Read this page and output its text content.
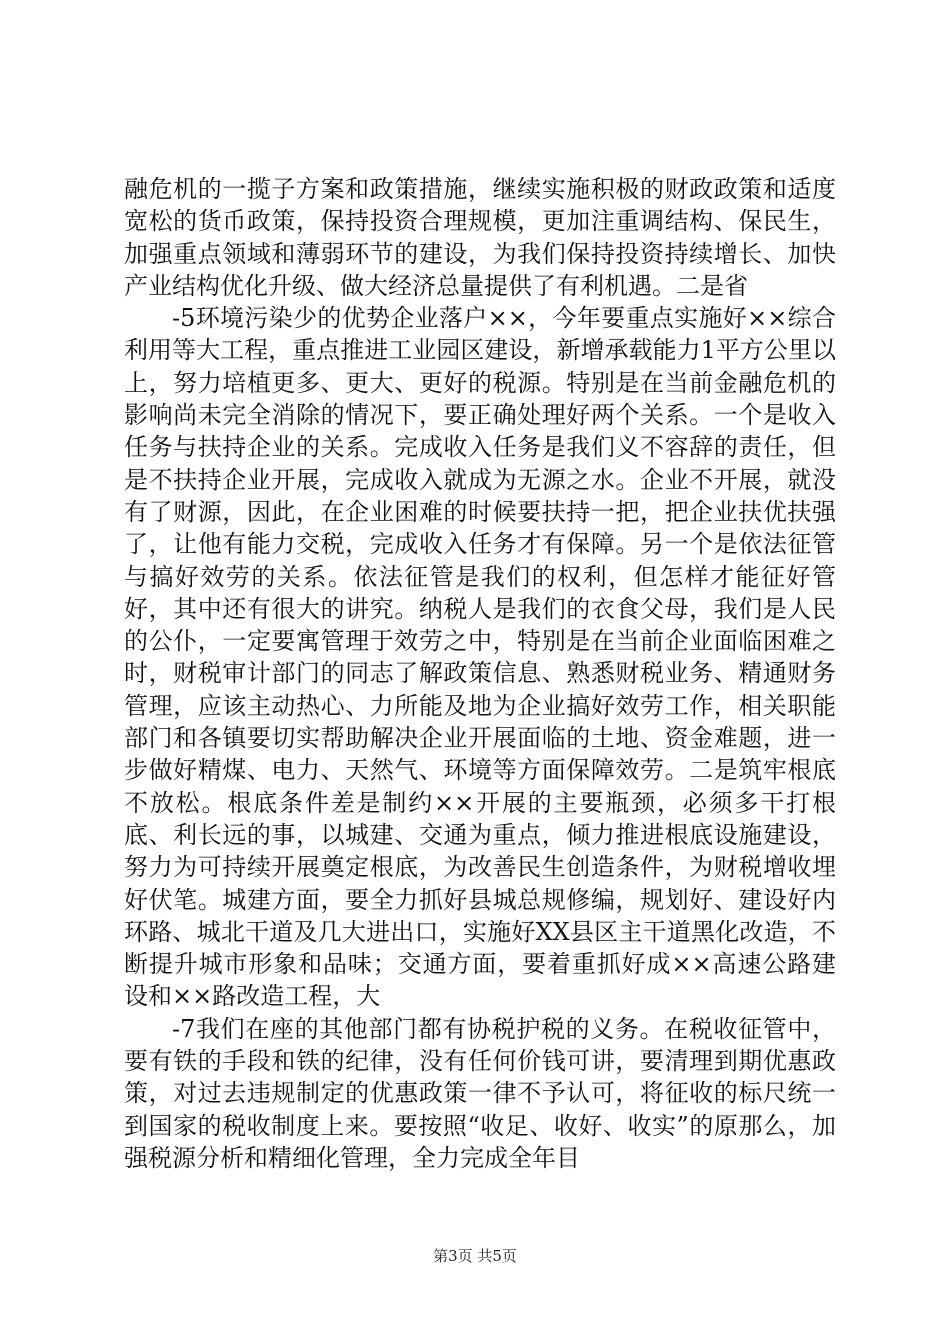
融危机的一揽子方案和政策措施，继续实施积极的财政政策和适度宽松的货币政策，保持投资合理规模，更加注重调结构、保民生，加强重点领域和薄弱环节的建设，为我们保持投资持续增长、加快产业结构优化升级、做大经济总量提供了有利机遇。二是省

-5环境污染少的优势企业落户××，今年要重点实施好××综合利用等大工程，重点推进工业园区建设，新增承载能力1平方公里以上，努力培植更多、更大、更好的税源。特别是在当前金融危机的影响尚未完全消除的情况下，要正确处理好两个关系。一个是收入任务与扶持企业的关系。完成收入任务是我们义不容辞的责任，但是不扶持企业开展，完成收入就成为无源之水。企业不开展，就没有了财源，因此，在企业困难的时候要扶持一把，把企业扶优扶强了，让他有能力交税，完成收入任务才有保障。另一个是依法征管与搞好效劳的关系。依法征管是我们的权利，但怎样才能征好管好，其中还有很大的讲究。纳税人是我们的衣食父母，我们是人民的公仆，一定要寓管理于效劳之中，特别是在当前企业面临困难之时，财税审计部门的同志了解政策信息、熟悉财税业务、精通财务管理，应该主动热心、力所能及地为企业搞好效劳工作，相关职能部门和各镇要切实帮助解决企业开展面临的土地、资金难题，进一步做好精煤、电力、天然气、环境等方面保障效劳。二是筑牢根底不放松。根底条件差是制约××开展的主要瓶颈，必须多干打根底、利长远的事，以城建、交通为重点，倾力推进根底设施建设，努力为可持续开展奠定根底，为改善民生创造条件，为财税增收埋好伏笔。城建方面，要全力抓好县城总规修编，规划好、建设好内环路、城北干道及几大进出口，实施好XX县区主干道黑化改造，不断提升城市形象和品味；交通方面，要着重抓好成××高速公路建设和××路改造工程，大

-7我们在座的其他部门都有协税护税的义务。在税收征管中，要有铁的手段和铁的纪律，没有任何价钱可讲，要清理到期优惠政策，对过去违规制定的优惠政策一律不予认可，将征收的标尺统一到国家的税收制度上来。要按照“收足、收好、收实”的原那么，加强税源分析和精细化管理，全力完成全年目

第3页 共5页
